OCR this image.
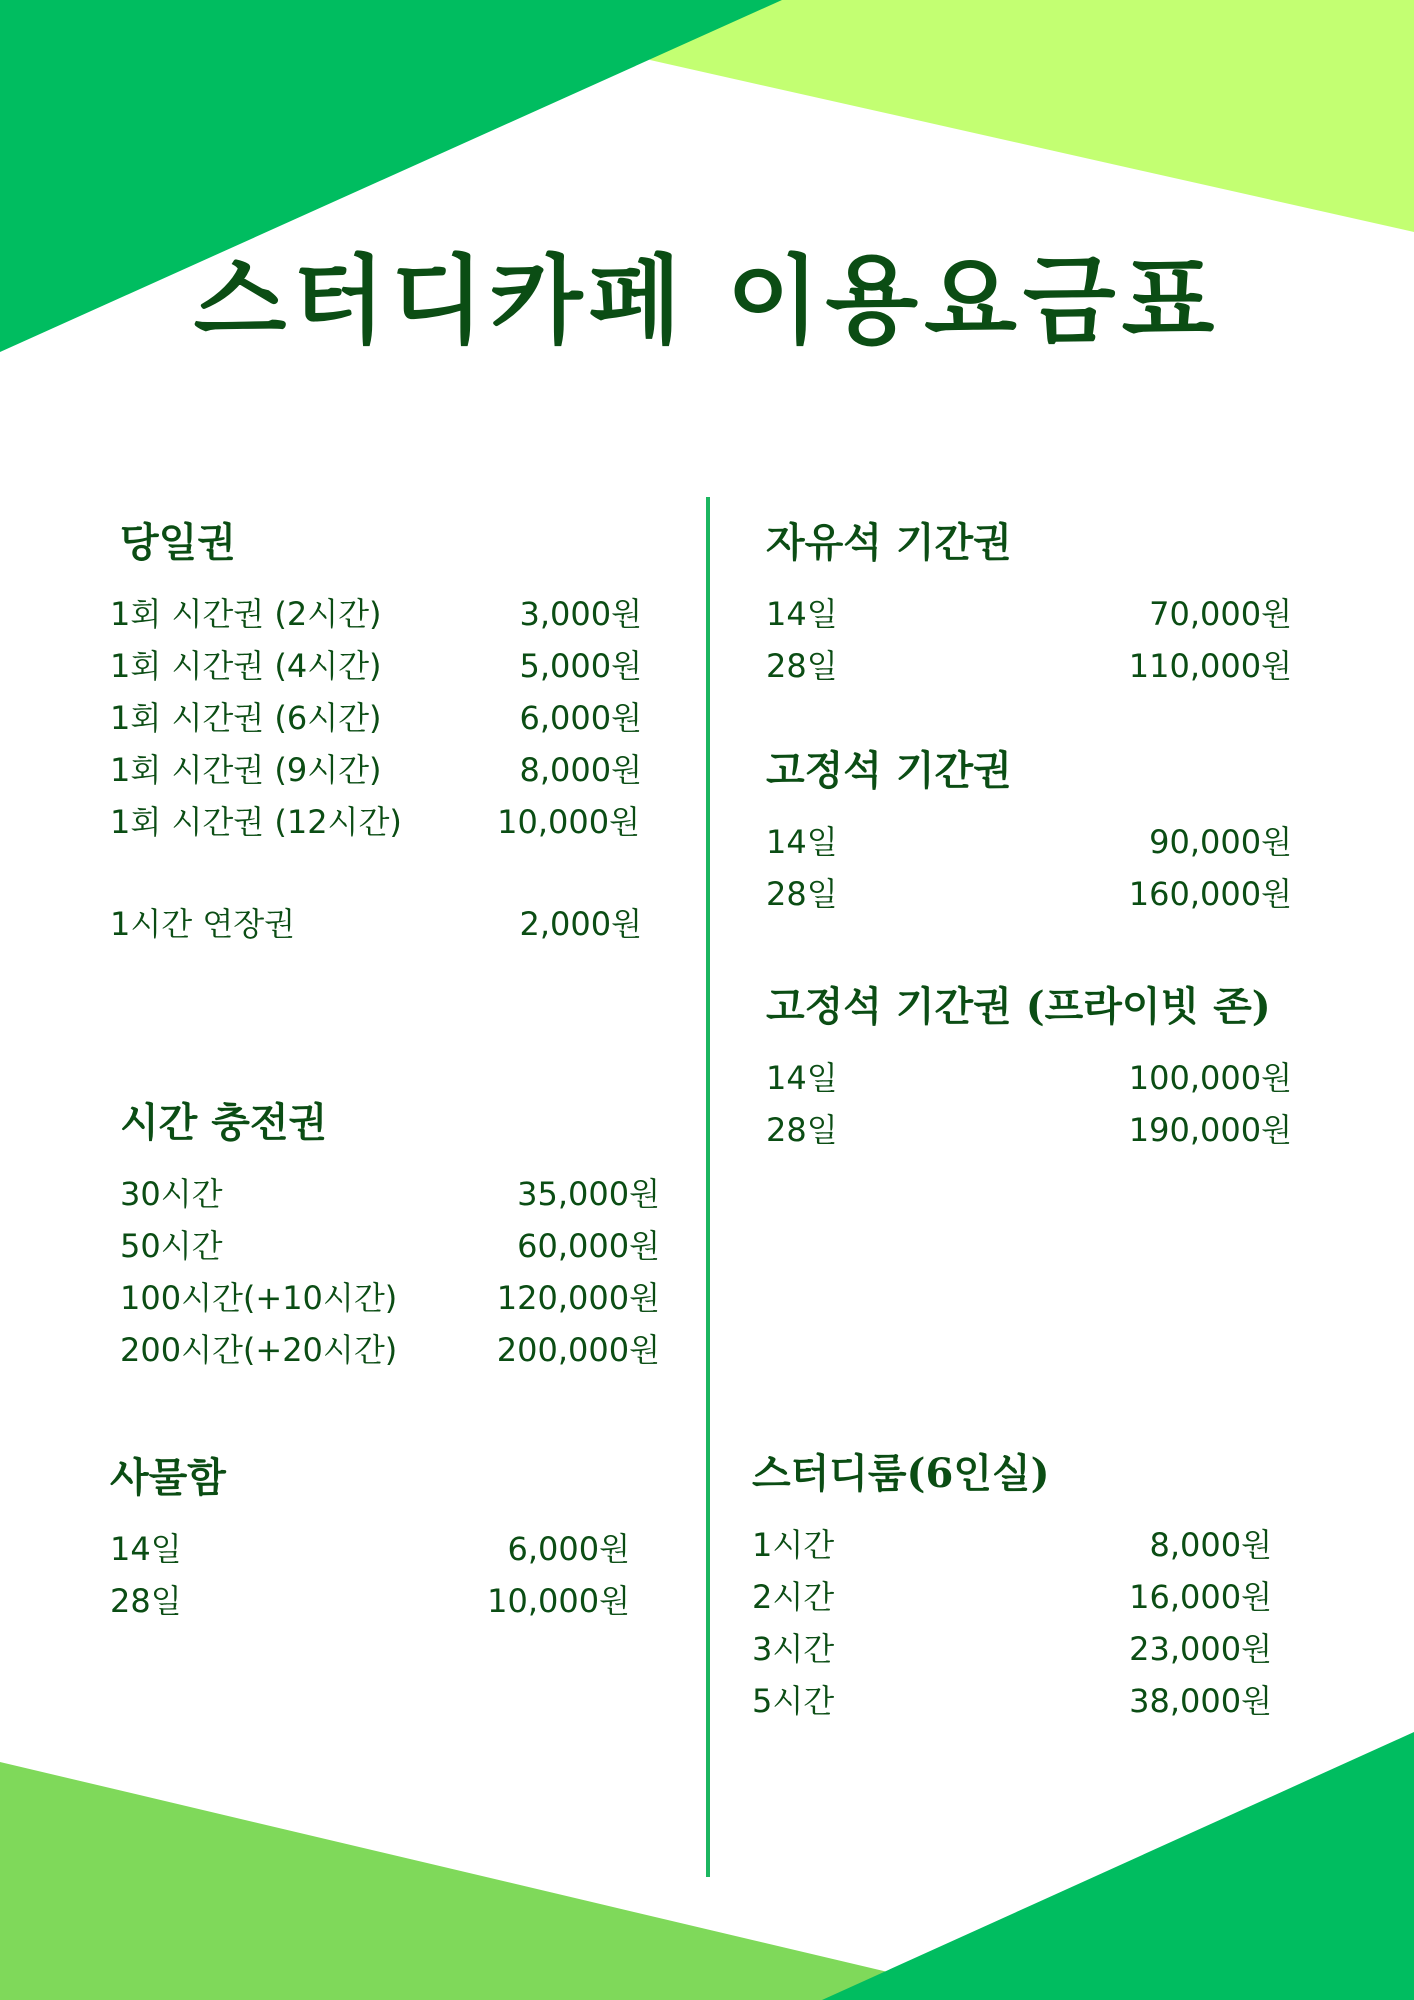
스터디카페 이용요금표
당일권
1회 시간권 (2시간)	3,000원
1회 시간권 (4시간)	5,000원
1회 시간권 (6시간)	6,000원
1회 시간권 (9시간)	8,000원
1회 시간권 (12시간)	10,000원
1시간 연장권	2,000원
시간 충전권
30시간	35,000원
50시간	60,000원
100시간(+10시간)	120,000원
200시간(+20시간)	200,000원
사물함
14일	6,000원
28일	10,000원
자유석 기간권
14일	70,000원
28일	110,000원
고정석 기간권
14일	90,000원
28일	160,000원
고정석 기간권 (프라이빗 존)
14일	100,000원
28일	190,000원
스터디룸(6인실)
1시간	8,000원
2시간	16,000원
3시간	23,000원
5시간	38,000원
